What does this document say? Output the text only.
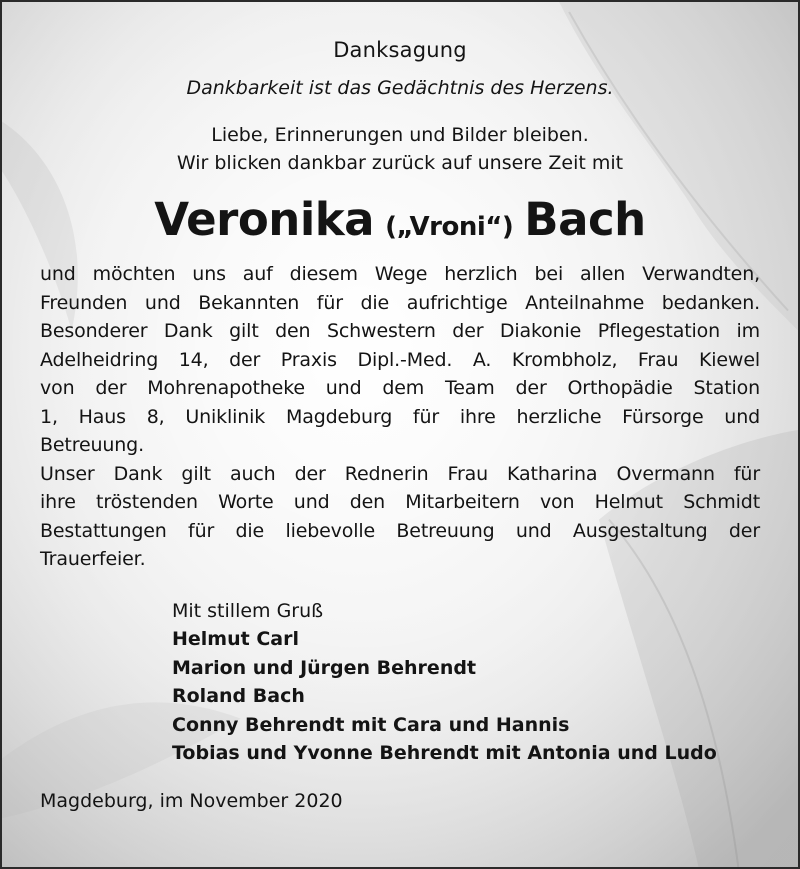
Danksagung
Dankbarkeit ist das Gedächtnis des Herzens.
Liebe, Erinnerungen und Bilder bleiben.
Wir blicken dankbar zurück auf unsere Zeit mit
Veronika („Vroni“) Bach
und möchten uns auf diesem Wege herzlich bei allen Verwandten,
Freunden und Bekannten für die aufrichtige Anteilnahme bedanken.
Besonderer Dank gilt den Schwestern der Diakonie Pflegestation im
Adelheidring 14, der Praxis Dipl.-Med. A. Krombholz, Frau Kiewel
von der Mohrenapotheke und dem Team der Orthopädie Station
1, Haus 8, Uniklinik Magdeburg für ihre herzliche Fürsorge und
Betreuung.
Unser Dank gilt auch der Rednerin Frau Katharina Overmann für
ihre tröstenden Worte und den Mitarbeitern von Helmut Schmidt
Bestattungen für die liebevolle Betreuung und Ausgestaltung der
Trauerfeier.
Mit stillem Gruß
Helmut Carl
Marion und Jürgen Behrendt
Roland Bach
Conny Behrendt mit Cara und Hannis
Tobias und Yvonne Behrendt mit Antonia und Ludo
Magdeburg, im November 2020
